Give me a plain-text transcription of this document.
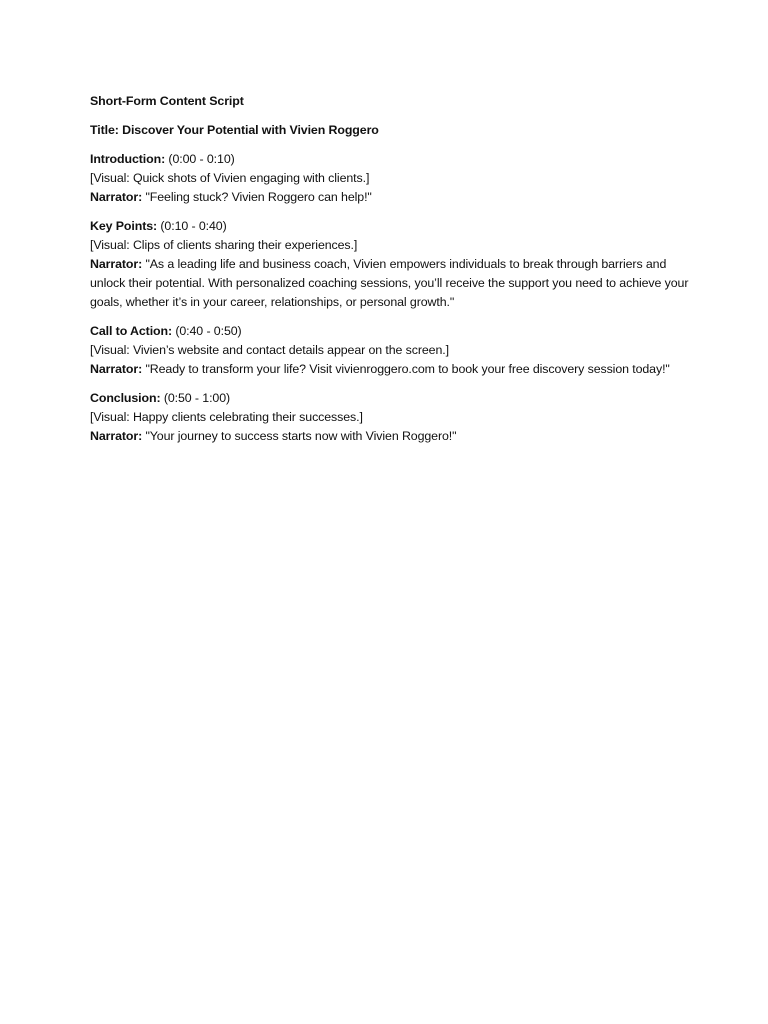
Short-Form Content Script
Title: Discover Your Potential with Vivien Roggero
Introduction: (0:00 - 0:10)
[Visual: Quick shots of Vivien engaging with clients.]
Narrator: "Feeling stuck? Vivien Roggero can help!"
Key Points: (0:10 - 0:40)
[Visual: Clips of clients sharing their experiences.]
Narrator: "As a leading life and business coach, Vivien empowers individuals to break through barriers and unlock their potential. With personalized coaching sessions, you’ll receive the support you need to achieve your goals, whether it’s in your career, relationships, or personal growth."
Call to Action: (0:40 - 0:50)
[Visual: Vivien’s website and contact details appear on the screen.]
Narrator: "Ready to transform your life? Visit vivienroggero.com to book your free discovery session today!"
Conclusion: (0:50 - 1:00)
[Visual: Happy clients celebrating their successes.]
Narrator: "Your journey to success starts now with Vivien Roggero!"
